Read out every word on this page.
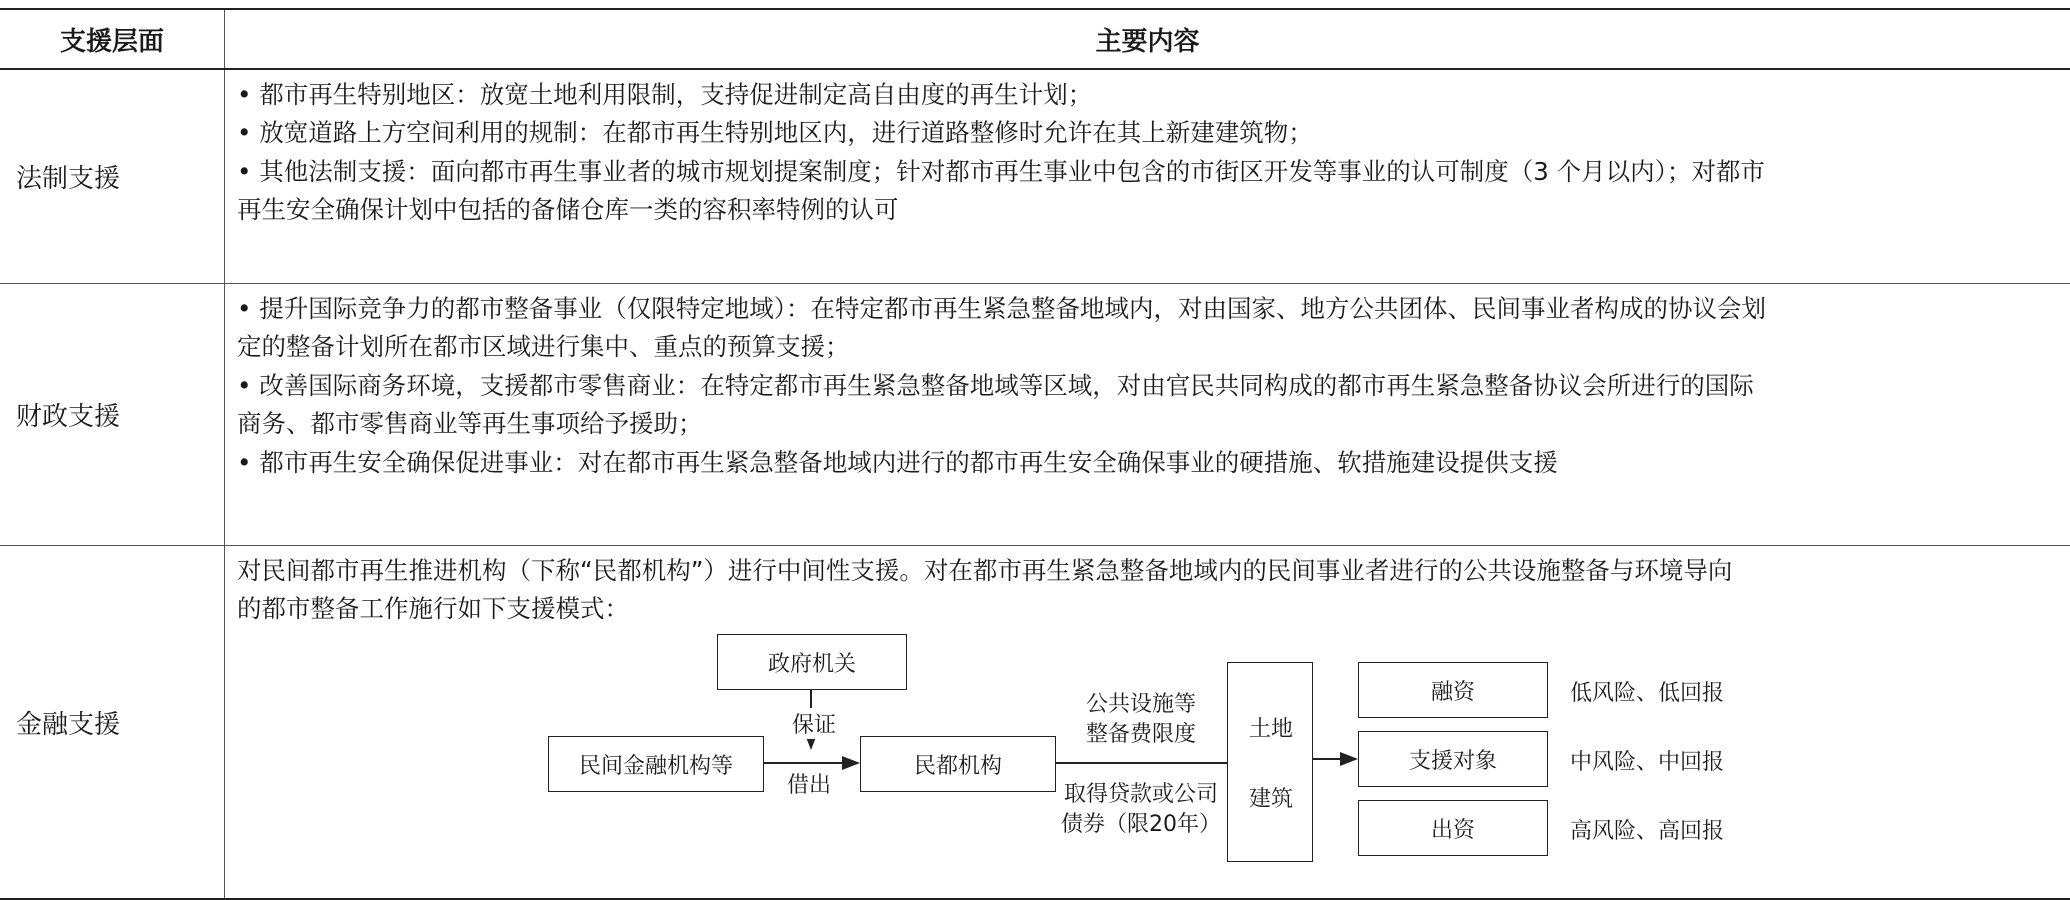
支援层面	主要内容
法制支援	• 都市再生特别地区：放宽土地利用限制，支持促进制定高自由度的再生计划；
• 放宽道路上方空间利用的规制：在都市再生特别地区内，进行道路整修时允许在其上新建建筑物；
• 其他法制支援：面向都市再生事业者的城市规划提案制度；针对都市再生事业中包含的市街区开发等事业的认可制度（3 个月以内）；对都市
再生安全确保计划中包括的备储仓库一类的容积率特例的认可

财政支援	• 提升国际竞争力的都市整备事业（仅限特定地域）：在特定都市再生紧急整备地域内，对由国家、地方公共团体、民间事业者构成的协议会划
定的整备计划所在都市区域进行集中、重点的预算支援；
• 改善国际商务环境，支援都市零售商业：在特定都市再生紧急整备地域等区域，对由官民共同构成的都市再生紧急整备协议会所进行的国际
商务、都市零售商业等再生事项给予援助；
• 都市再生安全确保促进事业：对在都市再生紧急整备地域内进行的都市再生安全确保事业的硬措施、软措施建设提供支援

金融支援	对民间都市再生推进机构（下称“民都机构”）进行中间性支援。对在都市再生紧急整备地域内的民间事业者进行的公共设施整备与环境导向
的都市整备工作施行如下支援模式：
政府机关
民间金融机构等	民都机构
土地
建筑
融资
支援对象
出资
低风险、低回报
中风险、中回报
高风险、高回报
保证
借出
公共设施等
整备费限度
取得贷款或公司
债券（限20年）
